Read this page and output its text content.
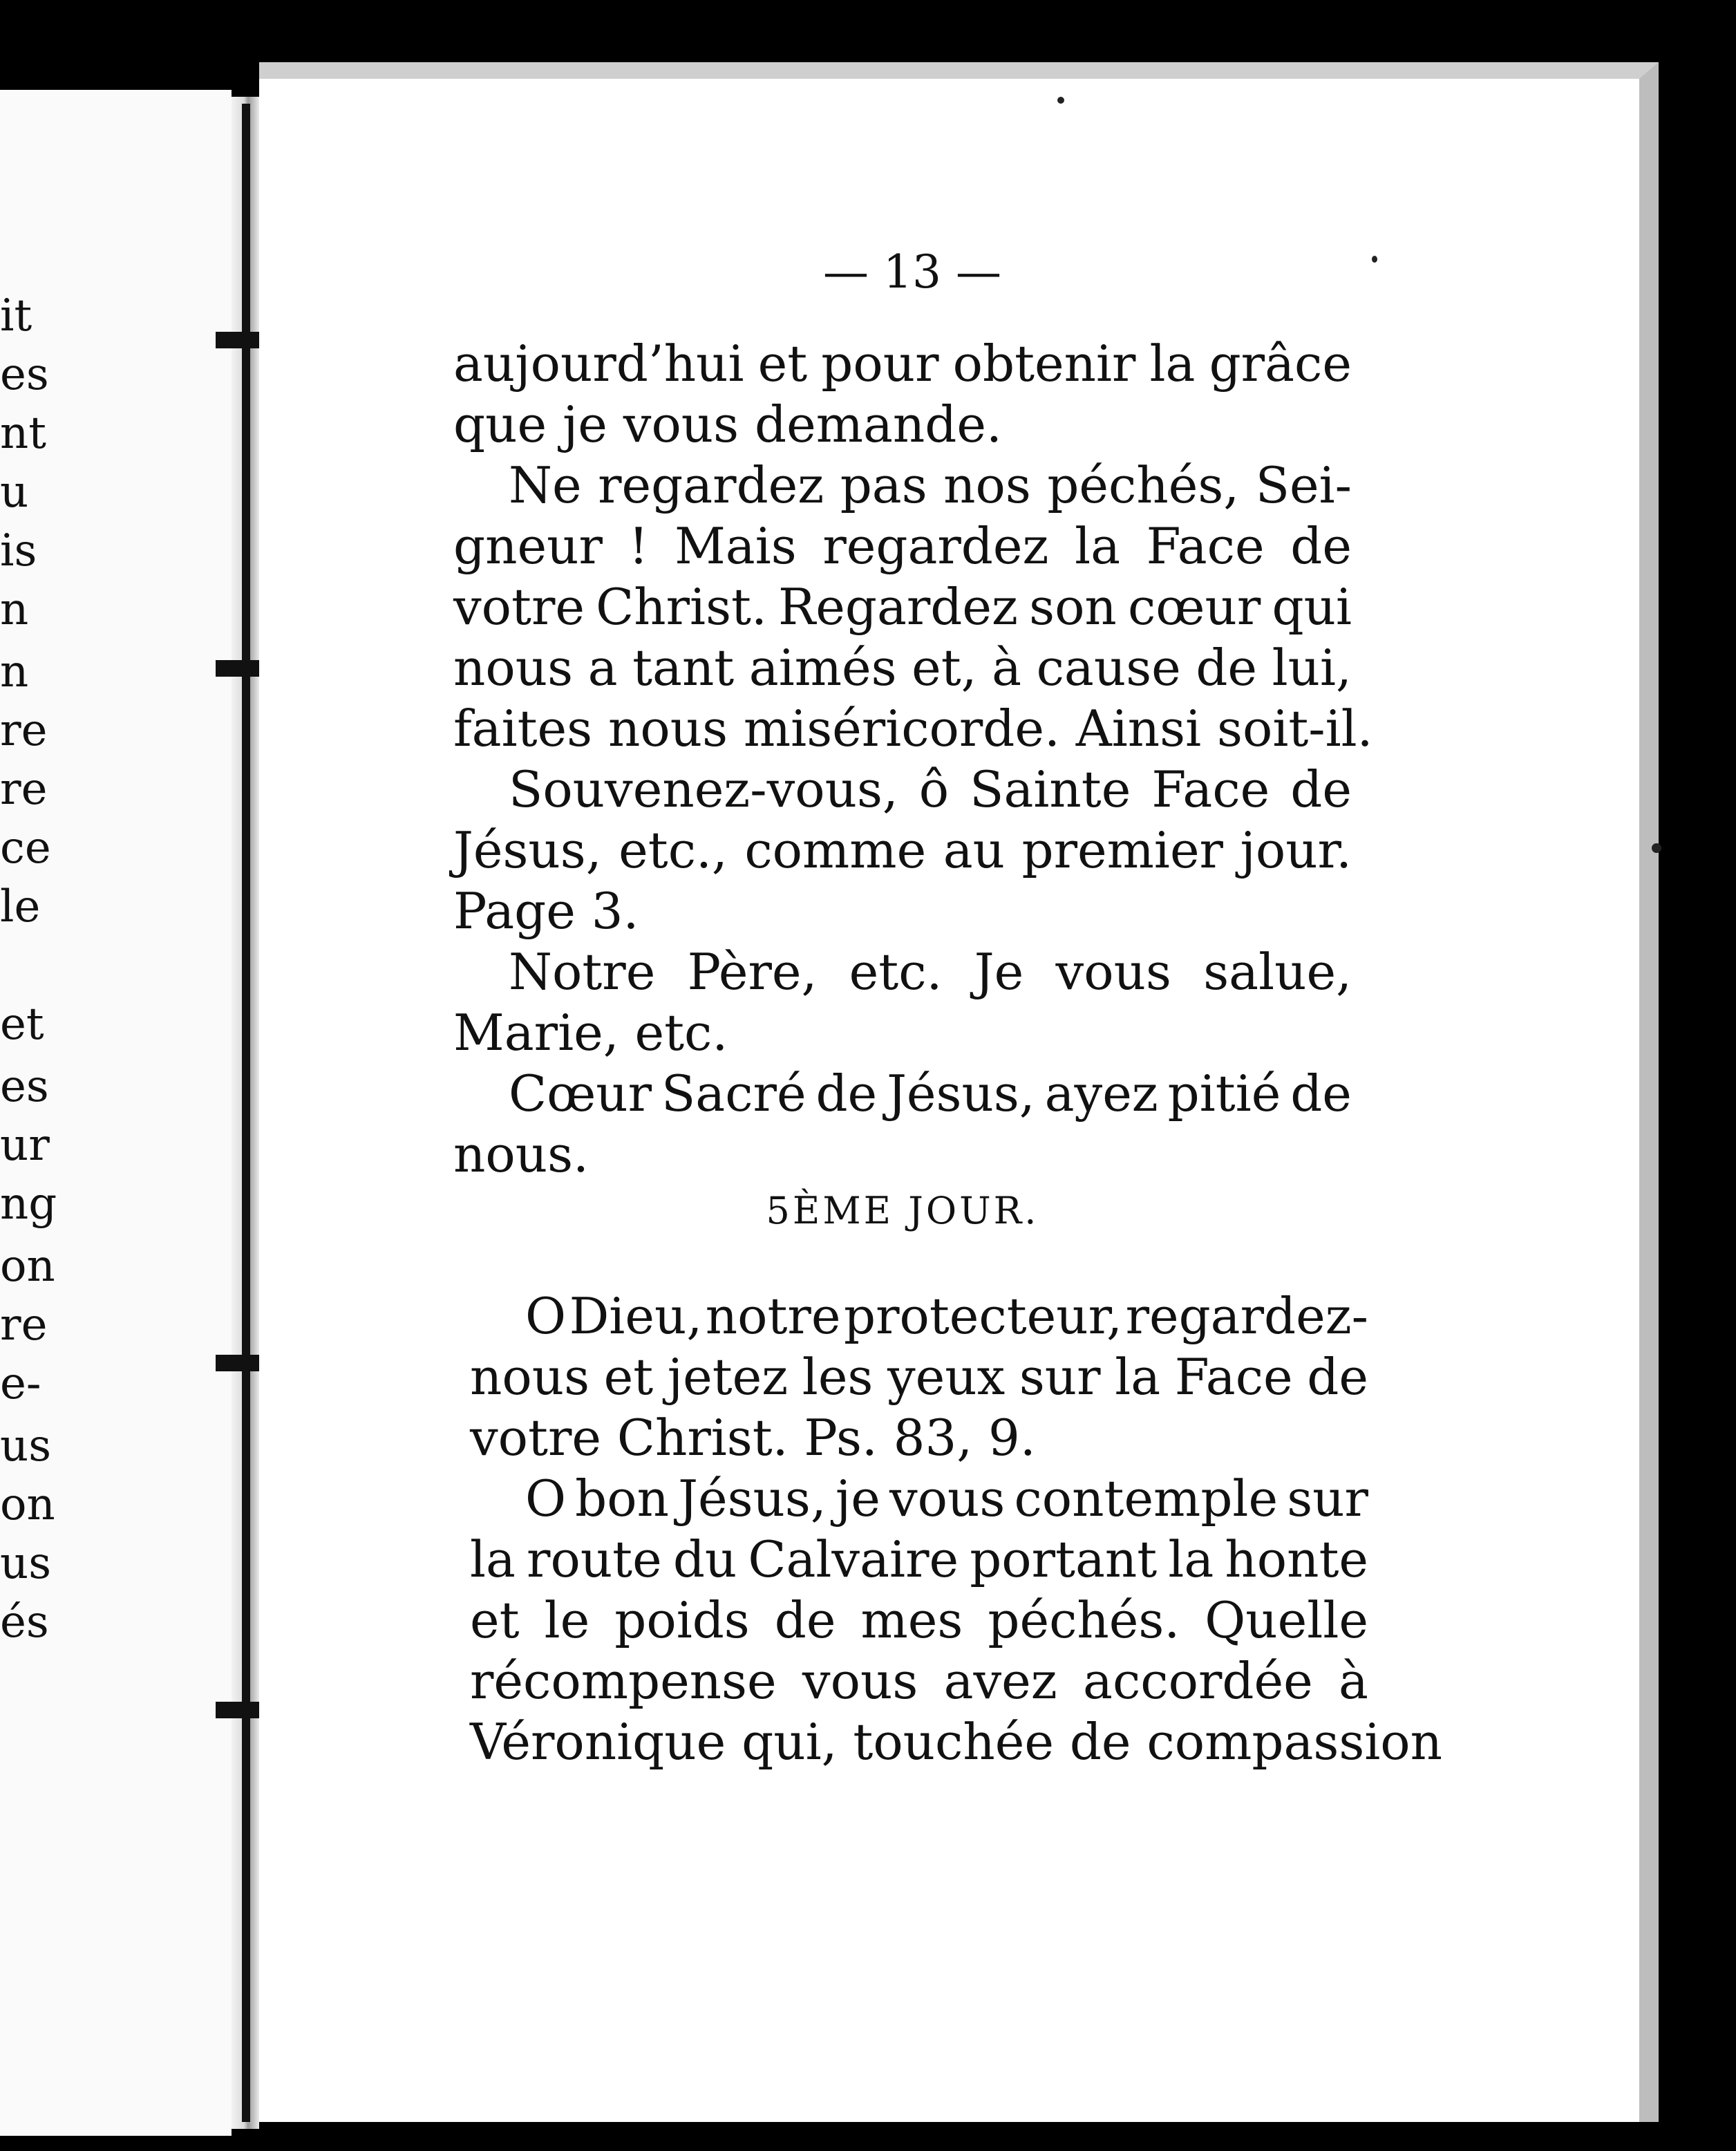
it
es
nt
u
is
n
n
re
re
ce
le
et
es
ur
ng
on
re
e-
us
on
us
és
— 13 —
aujourd’hui et pour obtenir la grâce
que je vous demande.
Ne regardez pas nos péchés, Sei-
gneur ! Mais regardez la Face de
votre Christ. Regardez son cœur qui
nous a tant aimés et, à cause de lui,
faites nous miséricorde. Ainsi soit-il.
Souvenez-vous, ô Sainte Face de
Jésus, etc., comme au premier jour.
Page 3.
Notre Père, etc. Je vous salue,
Marie, etc.
Cœur Sacré de Jésus, ayez pitié de
nous.
5ÈME JOUR.
O Dieu, notre protecteur, regardez-
nous et jetez les yeux sur la Face de
votre Christ. Ps. 83, 9.
O bon Jésus, je vous contemple sur
la route du Calvaire portant la honte
et le poids de mes péchés. Quelle
récompense vous avez accordée à
Véronique qui, touchée de compassion
